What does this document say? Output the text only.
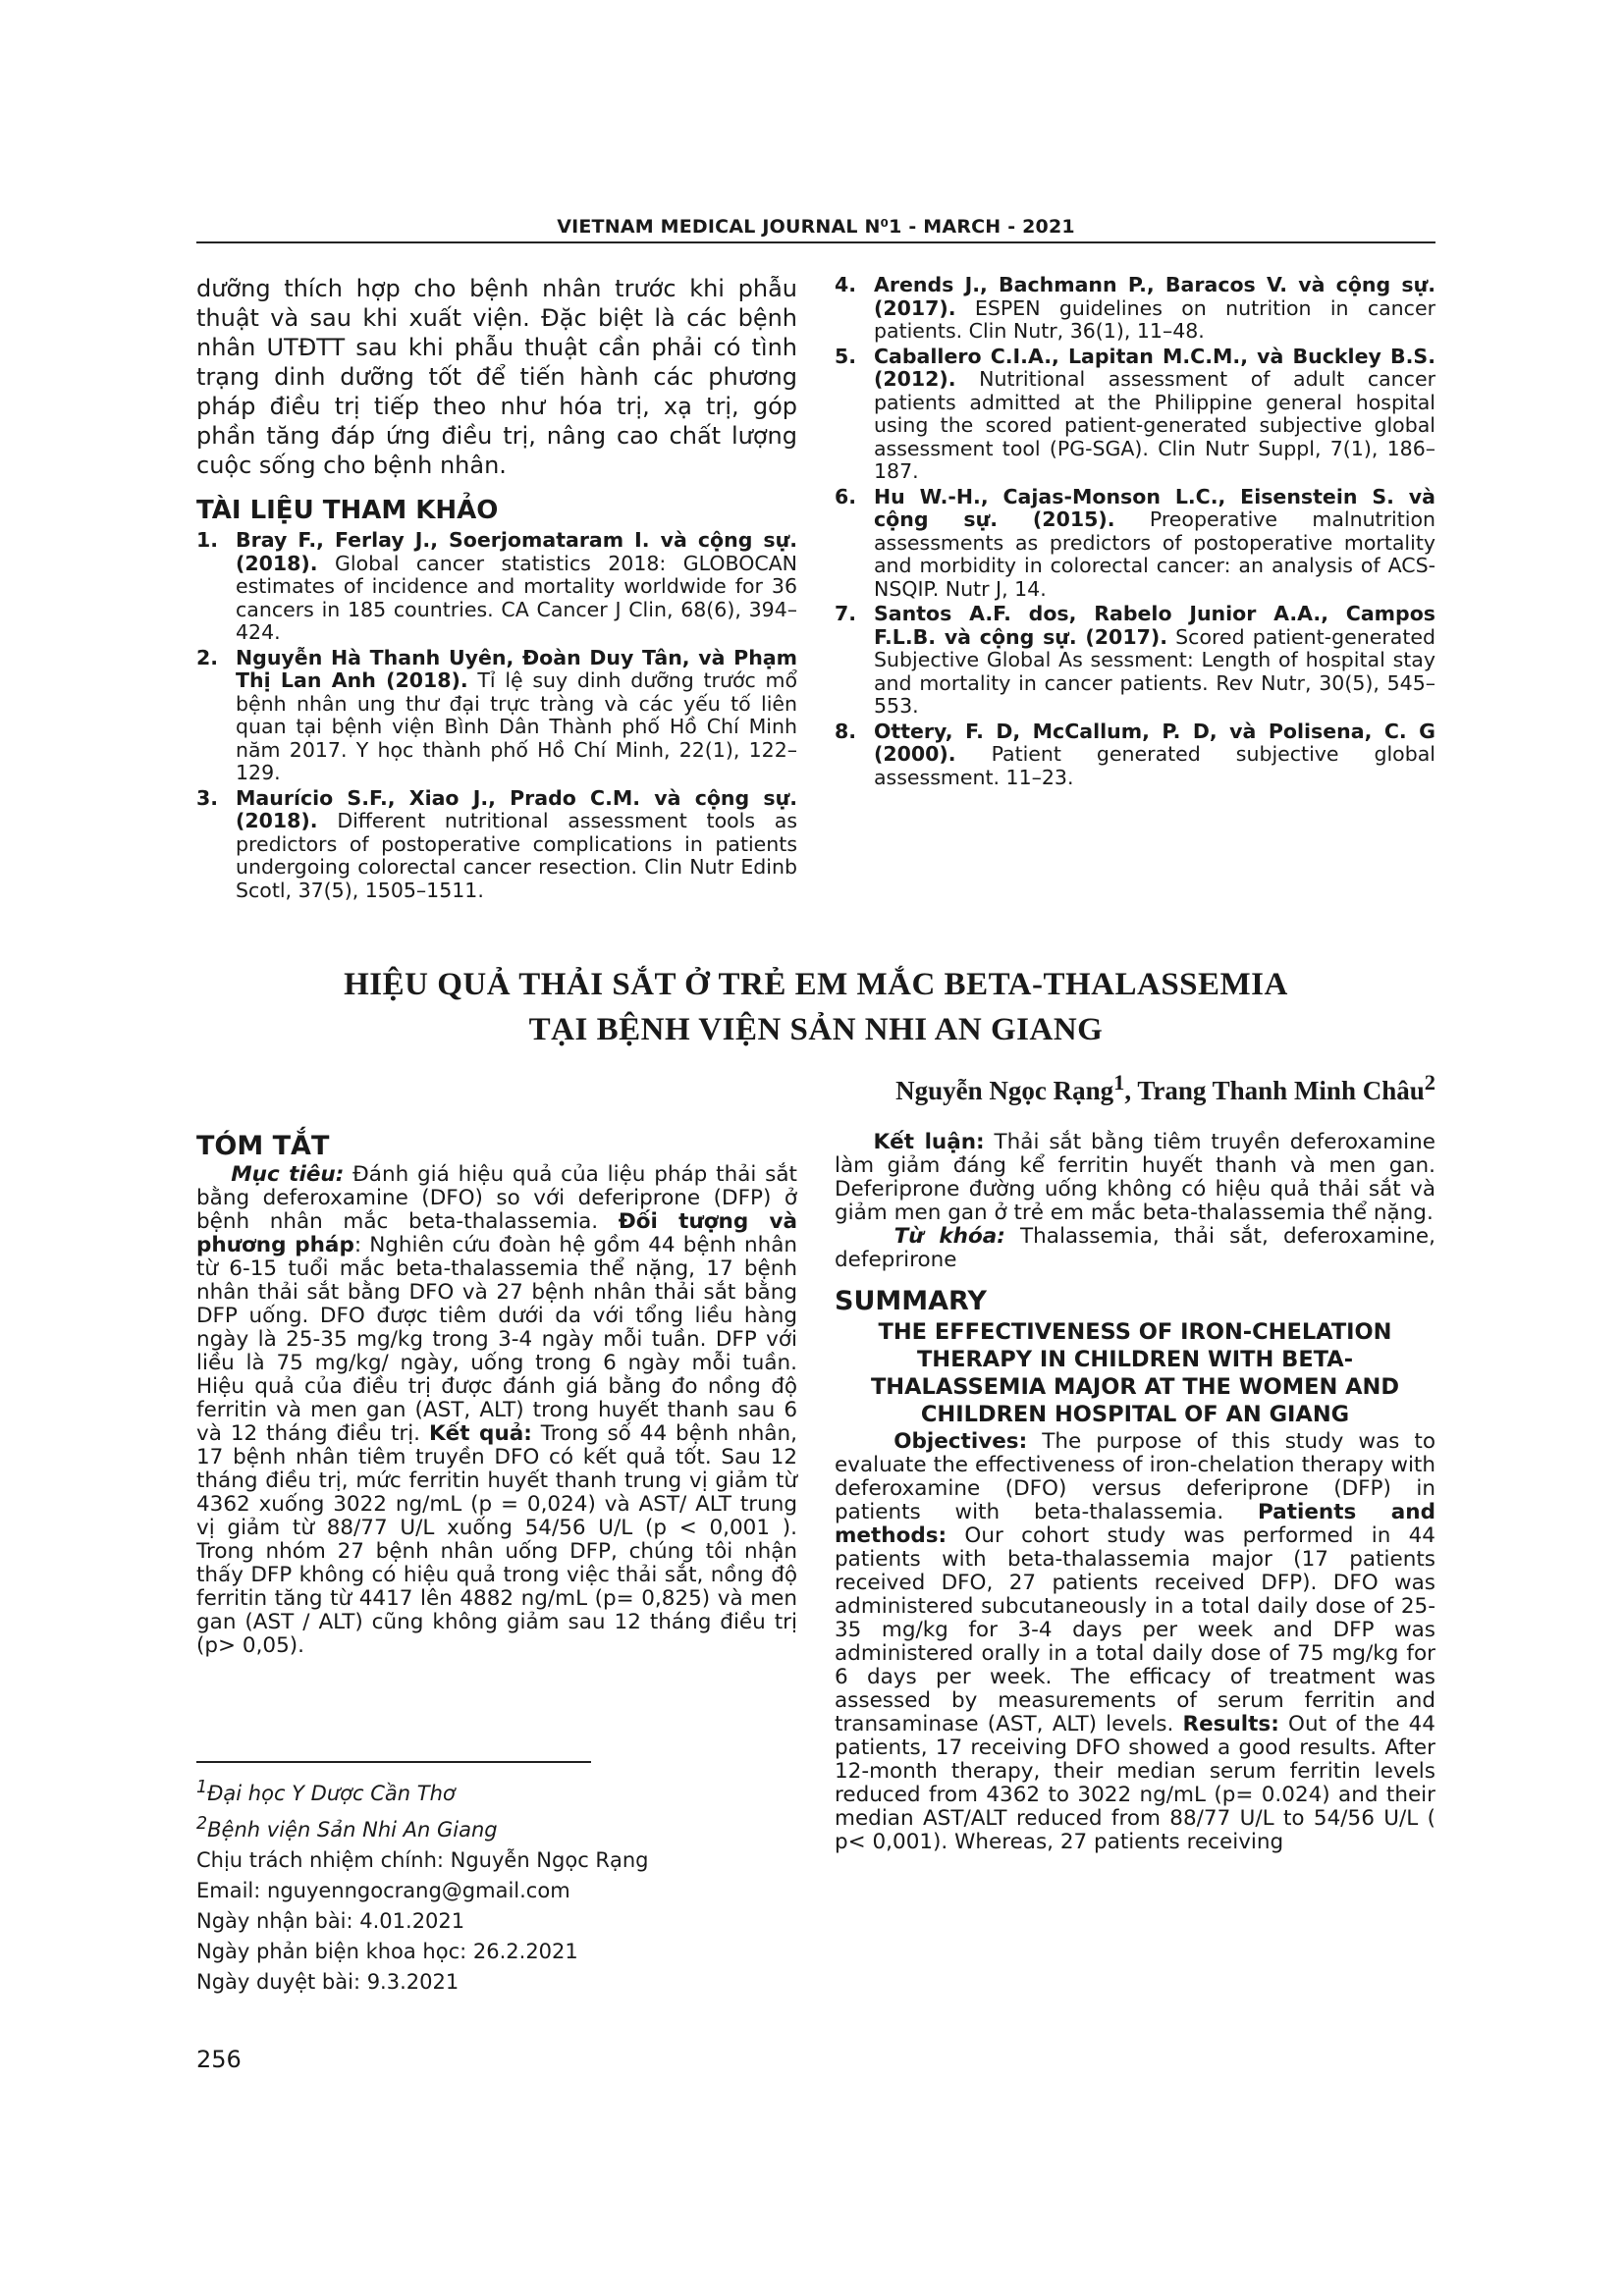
VIETNAM MEDICAL JOURNAL N⁰1 - MARCH - 2021

dưỡng thích hợp cho bệnh nhân trước khi phẫu thuật và sau khi xuất viện. Đặc biệt là các bệnh nhân UTĐTT sau khi phẫu thuật cần phải có tình trạng dinh dưỡng tốt để tiến hành các phương pháp điều trị tiếp theo như hóa trị, xạ trị, góp phần tăng đáp ứng điều trị, nâng cao chất lượng cuộc sống cho bệnh nhân.

TÀI LIỆU THAM KHẢO
1. Bray F., Ferlay J., Soerjomataram I. và cộng sự. (2018). Global cancer statistics 2018: GLOBOCAN estimates of incidence and mortality worldwide for 36 cancers in 185 countries. CA Cancer J Clin, 68(6), 394–424.
2. Nguyễn Hà Thanh Uyên, Đoàn Duy Tân, và Phạm Thị Lan Anh (2018). Tỉ lệ suy dinh dưỡng trước mổ bệnh nhân ung thư đại trực tràng và các yếu tố liên quan tại bệnh viện Bình Dân Thành phố Hồ Chí Minh năm 2017. Y học thành phố Hồ Chí Minh, 22(1), 122–129.
3. Maurício S.F., Xiao J., Prado C.M. và cộng sự. (2018). Different nutritional assessment tools as predictors of postoperative complications in patients undergoing colorectal cancer resection. Clin Nutr Edinb Scotl, 37(5), 1505–1511.
4. Arends J., Bachmann P., Baracos V. và cộng sự. (2017). ESPEN guidelines on nutrition in cancer patients. Clin Nutr, 36(1), 11–48.
5. Caballero C.I.A., Lapitan M.C.M., và Buckley B.S. (2012). Nutritional assessment of adult cancer patients admitted at the Philippine general hospital using the scored patient-generated subjective global assessment tool (PG-SGA). Clin Nutr Suppl, 7(1), 186–187.
6. Hu W.-H., Cajas-Monson L.C., Eisenstein S. và cộng sự. (2015). Preoperative malnutrition assessments as predictors of postoperative mortality and morbidity in colorectal cancer: an analysis of ACS-NSQIP. Nutr J, 14.
7. Santos A.F. dos, Rabelo Junior A.A., Campos F.L.B. và cộng sự. (2017). Scored patient-generated Subjective Global As sessment: Length of hospital stay and mortality in cancer patients. Rev Nutr, 30(5), 545–553.
8. Ottery, F. D, McCallum, P. D, và Polisena, C. G (2000). Patient generated subjective global assessment. 11–23.
HIỆU QUẢ THẢI SẮT Ở TRẺ EM MẮC BETA-THALASSEMIA
TẠI BỆNH VIỆN SẢN NHI AN GIANG
Nguyễn Ngọc Rạng$^1$, Trang Thanh Minh Châu$^2$
TÓM TẮT

Mục tiêu: Đánh giá hiệu quả của liệu pháp thải sắt bằng deferoxamine (DFO) so với deferiprone (DFP) ở bệnh nhân mắc beta-thalassemia. Đối tượng và phương pháp: Nghiên cứu đoàn hệ gồm 44 bệnh nhân từ 6-15 tuổi mắc beta-thalassemia thể nặng, 17 bệnh nhân thải sắt bằng DFO và 27 bệnh nhân thải sắt bằng DFP uống. DFO được tiêm dưới da với tổng liều hàng ngày là 25-35 mg/kg trong 3-4 ngày mỗi tuần. DFP với liều là 75 mg/kg/ ngày, uống trong 6 ngày mỗi tuần. Hiệu quả của điều trị được đánh giá bằng đo nồng độ ferritin và men gan (AST, ALT) trong huyết thanh sau 6 và 12 tháng điều trị. Kết quả: Trong số 44 bệnh nhân, 17 bệnh nhân tiêm truyền DFO có kết quả tốt. Sau 12 tháng điều trị, mức ferritin huyết thanh trung vị giảm từ 4362 xuống 3022 ng/mL (p = 0,024) và AST/ ALT trung vị giảm từ 88/77 U/L xuống 54/56 U/L (p < 0,001 ). Trong nhóm 27 bệnh nhân uống DFP, chúng tôi nhận thấy DFP không có hiệu quả trong việc thải sắt, nồng độ ferritin tăng từ 4417 lên 4882 ng/mL (p= 0,825) và men gan (AST / ALT) cũng không giảm sau 12 tháng điều trị (p> 0,05).

Kết luận: Thải sắt bằng tiêm truyền deferoxamine làm giảm đáng kể ferritin huyết thanh và men gan. Deferiprone đường uống không có hiệu quả thải sắt và giảm men gan ở trẻ em mắc beta-thalassemia thể nặng.

Từ khóa: Thalassemia, thải sắt, deferoxamine, defeprirone

SUMMARY
THE EFFECTIVENESS OF IRON-CHELATION THERAPY IN CHILDREN WITH BETA-THALASSEMIA MAJOR AT THE WOMEN AND CHILDREN HOSPITAL OF AN GIANG

Objectives: The purpose of this study was to evaluate the effectiveness of iron-chelation therapy with deferoxamine (DFO) versus deferiprone (DFP) in patients with beta-thalassemia. Patients and methods: Our cohort study was performed in 44 patients with beta-thalassemia major (17 patients received DFO, 27 patients received DFP). DFO was administered subcutaneously in a total daily dose of 25-35 mg/kg for 3-4 days per week and DFP was administered orally in a total daily dose of 75 mg/kg for 6 days per week. The efficacy of treatment was assessed by measurements of serum ferritin and transaminase (AST, ALT) levels. Results: Out of the 44 patients, 17 receiving DFO showed a good results. After 12-month therapy, their median serum ferritin levels reduced from 4362 to 3022 ng/mL (p= 0.024) and their median AST/ALT reduced from 88/77 U/L to 54/56 U/L ( p< 0,001). Whereas, 27 patients receiving

$^1$Đại học Y Dược Cần Thơ
$^2$Bệnh viện Sản Nhi An Giang
Chịu trách nhiệm chính: Nguyễn Ngọc Rạng
Email: nguyenngocrang@gmail.com
Ngày nhận bài: 4.01.2021
Ngày phản biện khoa học: 26.2.2021
Ngày duyệt bài: 9.3.2021
256
